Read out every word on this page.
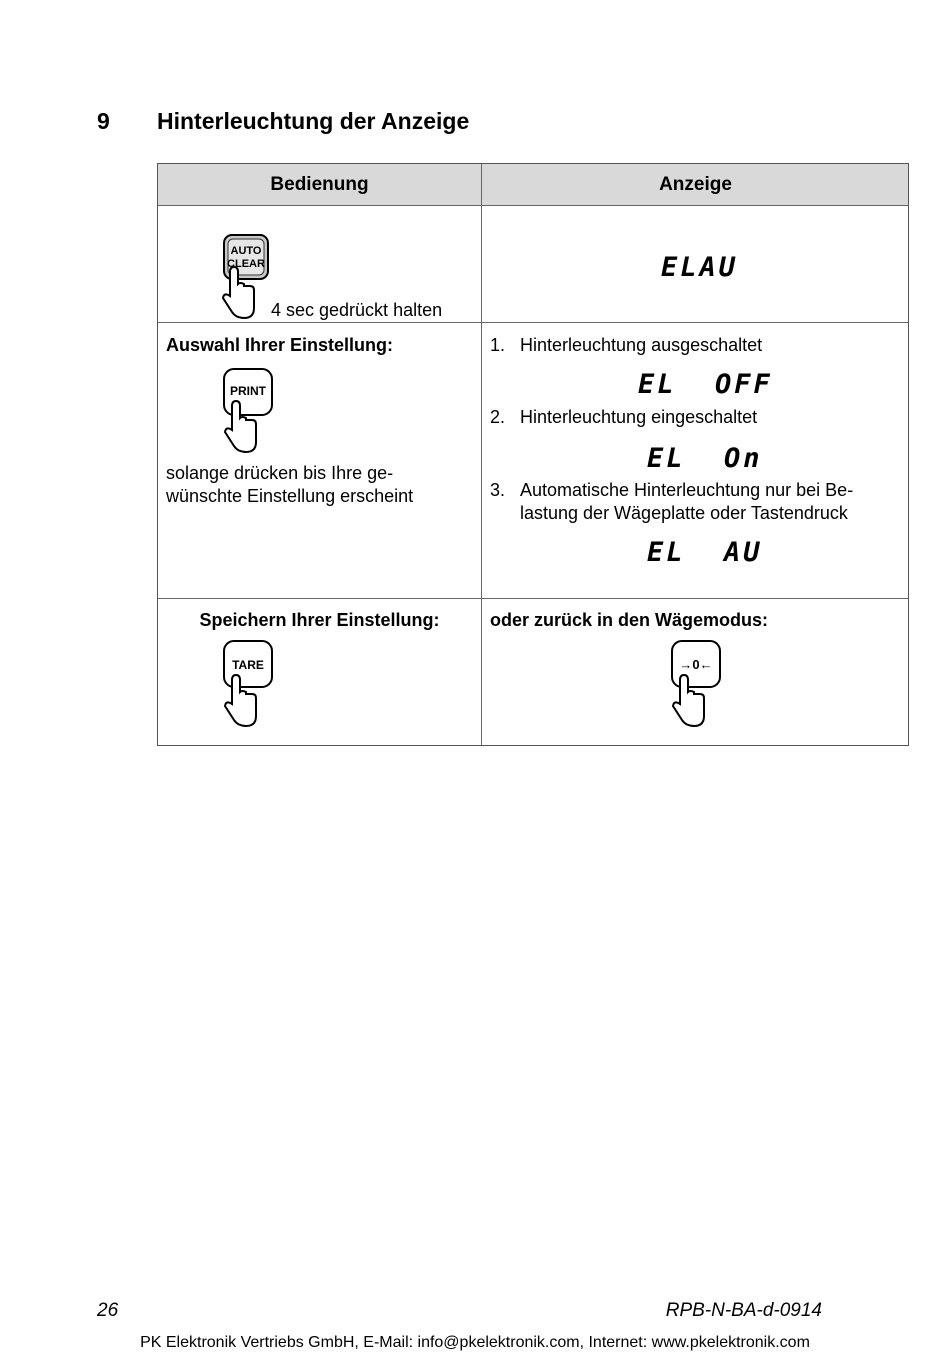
9 Hinterleuchtung der Anzeige
Bedienung	Anzeige
AUTO
CLEAR
4 sec gedrückt halten
ELAU
Auswahl Ihrer Einstellung:
PRINT
solange drücken bis Ihre ge-
wünschte Einstellung erscheint
1. Hinterleuchtung ausgeschaltet
EL  OFF
2. Hinterleuchtung eingeschaltet
EL  On
3. Automatische Hinterleuchtung nur bei Be-
lastung der Wägeplatte oder Tastendruck
EL  AU
Speichern Ihrer Einstellung:
TARE
oder zurück in den Wägemodus:
→0←
26	RPB-N-BA-d-0914
PK Elektronik Vertriebs GmbH, E-Mail: info@pkelektronik.com, Internet: www.pkelektronik.com
